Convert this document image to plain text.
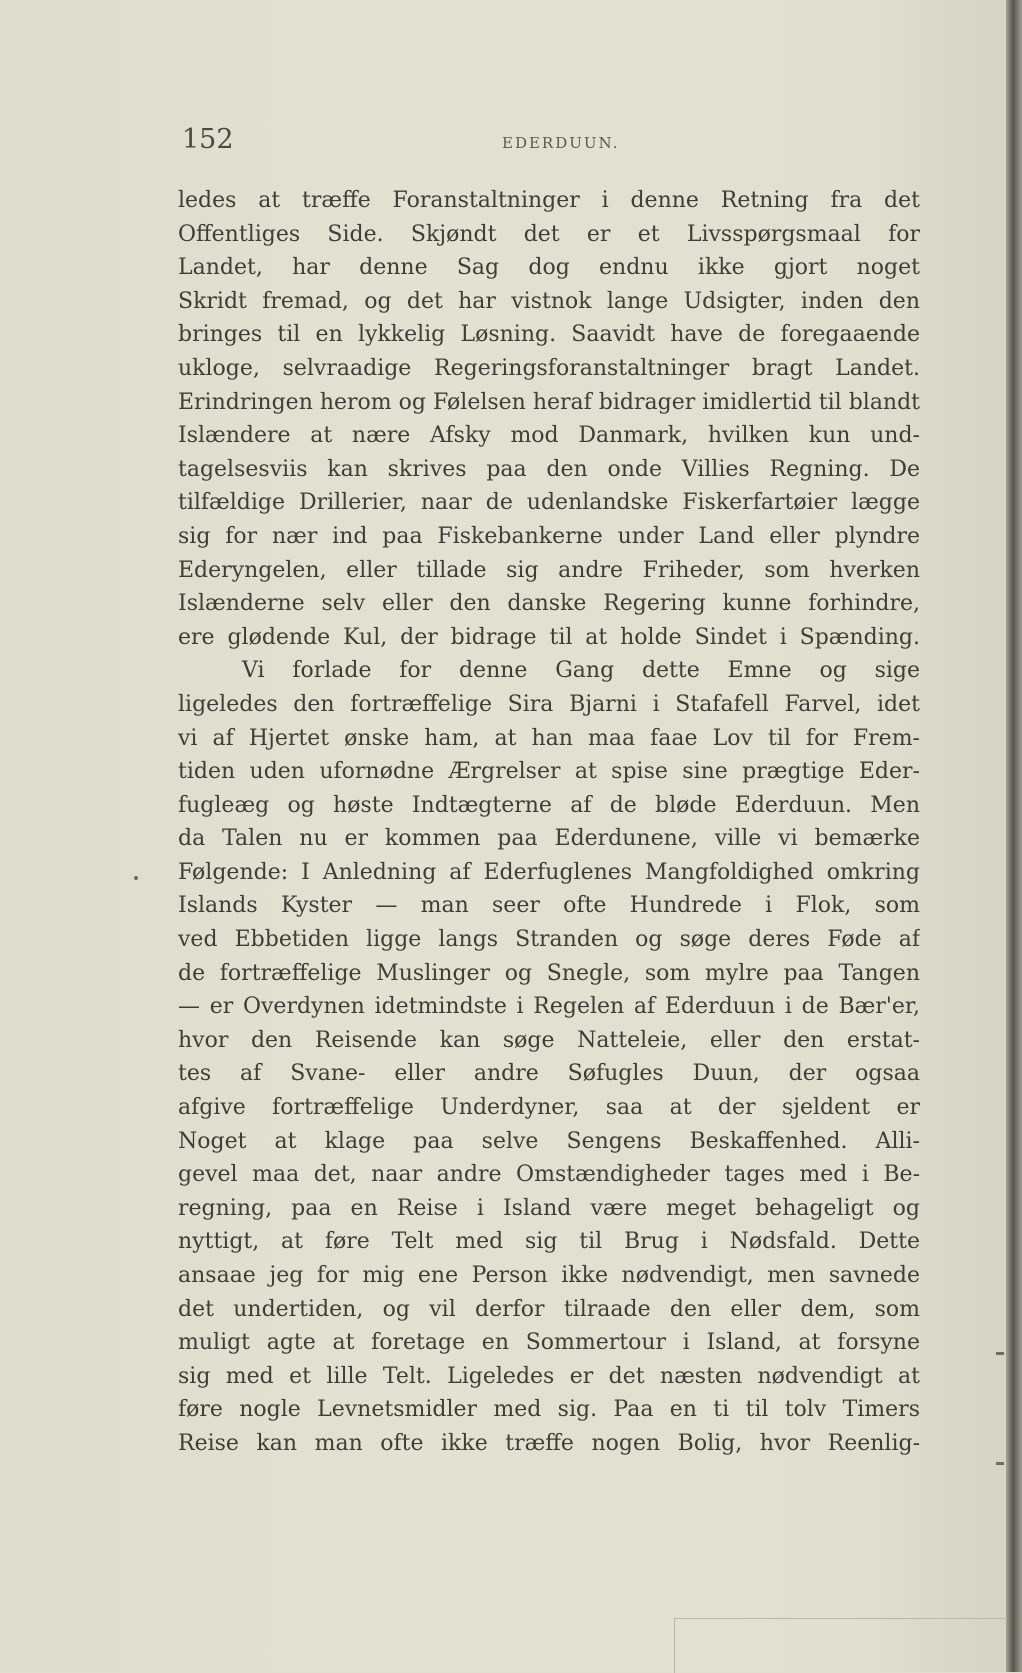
152	EDERDUUN.
ledes at træffe Foranstaltninger i denne Retning fra det
Offentliges Side. Skjøndt det er et Livsspørgsmaal for
Landet, har denne Sag dog endnu ikke gjort noget
Skridt fremad, og det har vistnok lange Udsigter, inden den
bringes til en lykkelig Løsning. Saavidt have de foregaaende
ukloge, selvraadige Regeringsforanstaltninger bragt Landet.
Erindringen herom og Følelsen heraf bidrager imidlertid til blandt
Islændere at nære Afsky mod Danmark, hvilken kun und-
tagelsesviis kan skrives paa den onde Villies Regning. De
tilfældige Drillerier, naar de udenlandske Fiskerfartøier lægge
sig for nær ind paa Fiskebankerne under Land eller plyndre
Ederyngelen, eller tillade sig andre Friheder, som hverken
Islænderne selv eller den danske Regering kunne forhindre,
ere glødende Kul, der bidrage til at holde Sindet i Spænding.
Vi forlade for denne Gang dette Emne og sige
ligeledes den fortræffelige Sira Bjarni i Stafafell Farvel, idet
vi af Hjertet ønske ham, at han maa faae Lov til for Frem-
tiden uden ufornødne Ærgrelser at spise sine prægtige Eder-
fugleæg og høste Indtægterne af de bløde Ederduun. Men
da Talen nu er kommen paa Ederdunene, ville vi bemærke
Følgende: I Anledning af Ederfuglenes Mangfoldighed omkring
Islands Kyster — man seer ofte Hundrede i Flok, som
ved Ebbetiden ligge langs Stranden og søge deres Føde af
de fortræffelige Muslinger og Snegle, som mylre paa Tangen
— er Overdynen idetmindste i Regelen af Ederduun i de Bær'er,
hvor den Reisende kan søge Natteleie, eller den erstat-
tes af Svane- eller andre Søfugles Duun, der ogsaa
afgive fortræffelige Underdyner, saa at der sjeldent er
Noget at klage paa selve Sengens Beskaffenhed. Alli-
gevel maa det, naar andre Omstændigheder tages med i Be-
regning, paa en Reise i Island være meget behageligt og
nyttigt, at føre Telt med sig til Brug i Nødsfald. Dette
ansaae jeg for mig ene Person ikke nødvendigt, men savnede
det undertiden, og vil derfor tilraade den eller dem, som
muligt agte at foretage en Sommertour i Island, at forsyne
sig med et lille Telt. Ligeledes er det næsten nødvendigt at
føre nogle Levnetsmidler med sig. Paa en ti til tolv Timers
Reise kan man ofte ikke træffe nogen Bolig, hvor Reenlig-
